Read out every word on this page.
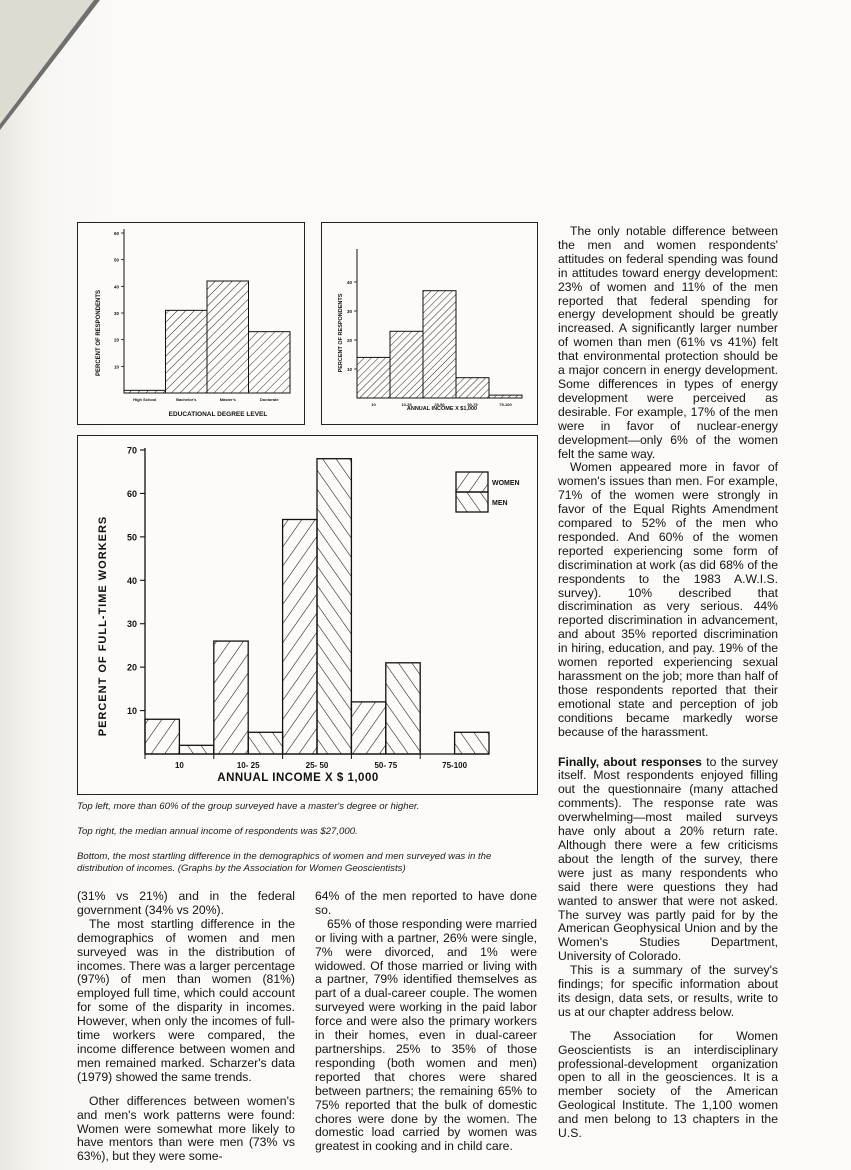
PERCENT OF RESPONDENTS
EDUCATIONAL DEGREE LEVEL
10
20
30
40
50
60
High School	Bachelor's	Master's	Doctorate
PERCENT OF RESPONDENTS
ANNUAL INCOME X $1,000
10
20
30
40
10	10-25	25-50	50-75	75-100
PERCENT OF FULL-TIME WORKERS
ANNUAL INCOME X $ 1,000
10
20
30
40
50
60
70
10	10- 25	25- 50	50- 75	75-100
WOMEN
MEN

Top left, more than 60% of the group surveyed have a master's degree or higher.

Top right, the median annual income of respondents was $27,000.

Bottom, the most startling difference in the demographics of women and men surveyed was in the distribution of incomes. (Graphs by the Association for Women Geoscientists)

(31% vs 21%) and in the federal government (34% vs 20%).

The most startling difference in the demographics of women and men surveyed was in the distribution of incomes. There was a larger percentage (97%) of men than women (81%) employed full time, which could account for some of the disparity in incomes. However, when only the incomes of full-time workers were compared, the income difference between women and men remained marked. Scharzer's data (1979) showed the same trends.

Other differences between women's and men's work patterns were found: Women were somewhat more likely to have mentors than were men (73% vs 63%), but they were some-

64% of the men reported to have done so.

65% of those responding were married or living with a partner, 26% were single, 7% were divorced, and 1% were widowed. Of those married or living with a partner, 79% identified themselves as part of a dual-career couple. The women surveyed were working in the paid labor force and were also the primary workers in their homes, even in dual-career partnerships. 25% to 35% of those responding (both women and men) reported that chores were shared between partners; the remaining 65% to 75% reported that the bulk of domestic chores were done by the women. The domestic load carried by women was greatest in cooking and in child care.

The only notable difference between the men and women respondents' attitudes on federal spending was found in attitudes toward energy development: 23% of women and 11% of the men reported that federal spending for energy development should be greatly increased. A significantly larger number of women than men (61% vs 41%) felt that environmental protection should be a major concern in energy development. Some differences in types of energy development were perceived as desirable. For example, 17% of the men were in favor of nuclear-energy development—only 6% of the women felt the same way.

Women appeared more in favor of women's issues than men. For example, 71% of the women were strongly in favor of the Equal Rights Amendment compared to 52% of the men who responded. And 60% of the women reported experiencing some form of discrimination at work (as did 68% of the respondents to the 1983 A.W.I.S. survey). 10% described that discrimination as very serious. 44% reported discrimination in advancement, and about 35% reported discrimination in hiring, education, and pay. 19% of the women reported experiencing sexual harassment on the job; more than half of those respondents reported that their emotional state and perception of job conditions became markedly worse because of the harassment.

Finally, about responses to the survey itself. Most respondents enjoyed filling out the questionnaire (many attached comments). The response rate was overwhelming—most mailed surveys have only about a 20% return rate. Although there were a few criticisms about the length of the survey, there were just as many respondents who said there were questions they had wanted to answer that were not asked. The survey was partly paid for by the American Geophysical Union and by the Women's Studies Department, University of Colorado.

This is a summary of the survey's findings; for specific information about its design, data sets, or results, write to us at our chapter address below.

The Association for Women Geoscientists is an interdisciplinary professional-development organization open to all in the geosciences. It is a member society of the American Geological Institute. The 1,100 women and men belong to 13 chapters in the U.S.
